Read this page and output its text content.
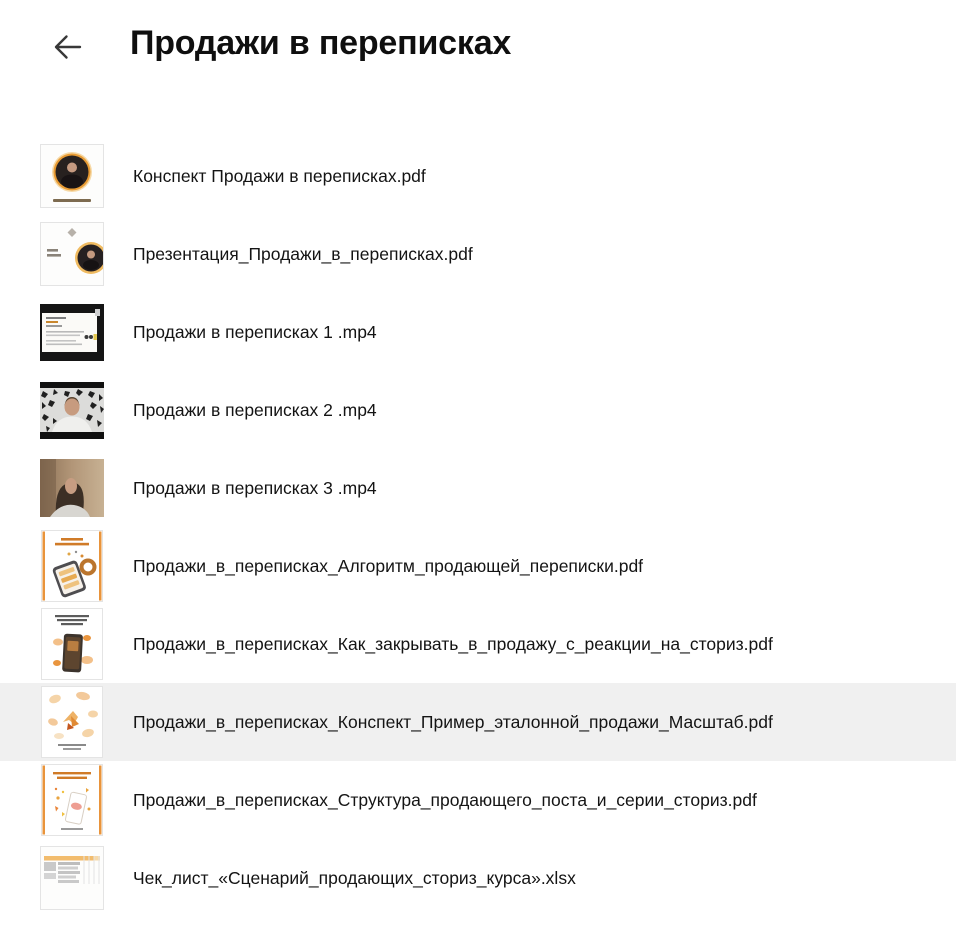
Продажи в переписках
Конспект Продажи в переписках.pdf
Презентация_Продажи_в_переписках.pdf
Продажи в переписках 1 .mp4
Продажи в переписках 2 .mp4
Продажи в переписках 3 .mp4
Продажи_в_переписках_Алгоритм_продающей_переписки.pdf
Продажи_в_переписках_Как_закрывать_в_продажу_с_реакции_на_сториз.pdf
Продажи_в_переписках_Конспект_Пример_эталонной_продажи_Масштаб.pdf
Продажи_в_переписках_Структура_продающего_поста_и_серии_сториз.pdf
Чек_лист_«Сценарий_продающих_сториз_курса».xlsx
